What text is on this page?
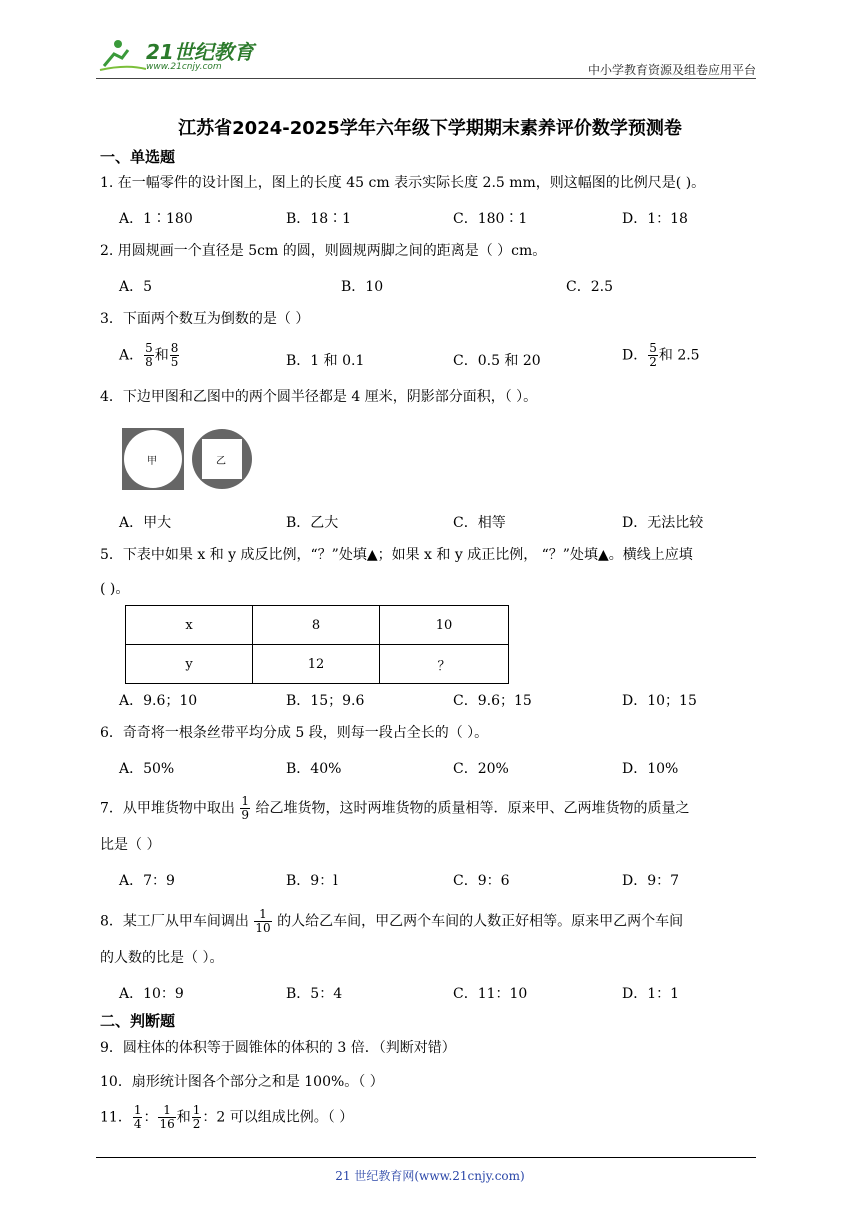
21世纪教育
www.21cnjy.com	中小学教育资源及组卷应用平台
江苏省2024-2025学年六年级下学期期末素养评价数学预测卷
一、单选题
1. 在一幅零件的设计图上，图上的长度 45 cm 表示实际长度 2.5 mm，则这幅图的比例尺是( )。
A．1∶180	B．18∶1	C．180∶1	D．1：18
2. 用圆规画一个直径是 5cm 的圆，则圆规两脚之间的距离是（ ）cm。
A．5	B．10	C．2.5
3．下面两个数互为倒数的是（ ）
A． $\frac{5}{8}$ 和 $\frac{8}{5}$	B．1 和 0.1	C．0.5 和 20	D． $\frac{5}{2}$ 和 2.5
4．下边甲图和乙图中的两个圆半径都是 4 厘米，阴影部分面积，（ ）。
甲	乙
A．甲大	B．乙大	C．相等	D．无法比较
5．下表中如果 x 和 y 成反比例，“？”处填▲；如果 x 和 y 成正比例， “？”处填▲。横线上应填
( )。
x	8	10
y	12	？
A．9.6；10	B．15；9.6	C．9.6；15	D．10；15
6．奇奇将一根条丝带平均分成 5 段，则每一段占全长的（ ）。
A．50%	B．40%	C．20%	D．10%
7．从甲堆货物中取出 $\frac{1}{9}$ 给乙堆货物，这时两堆货物的质量相等．原来甲、乙两堆货物的质量之
比是（ ）
A．7：9	B．9：l	C．9：6	D．9：7
8．某工厂从甲车间调出 $\frac{1}{10}$ 的人给乙车间，甲乙两个车间的人数正好相等。原来甲乙两个车间
的人数的比是（ ）。
A．10：9	B．5：4	C．11：10	D．1：1
二、判断题
9．圆柱体的体积等于圆锥体的体积的 3 倍．（判断对错）
10．扇形统计图各个部分之和是 100%。（ ）
11． $\frac{1}{4}$ ： $\frac{1}{16}$ 和 $\frac{1}{2}$ ：2 可以组成比例。（ ）
21 世纪教育网(www.21cnjy.com)
